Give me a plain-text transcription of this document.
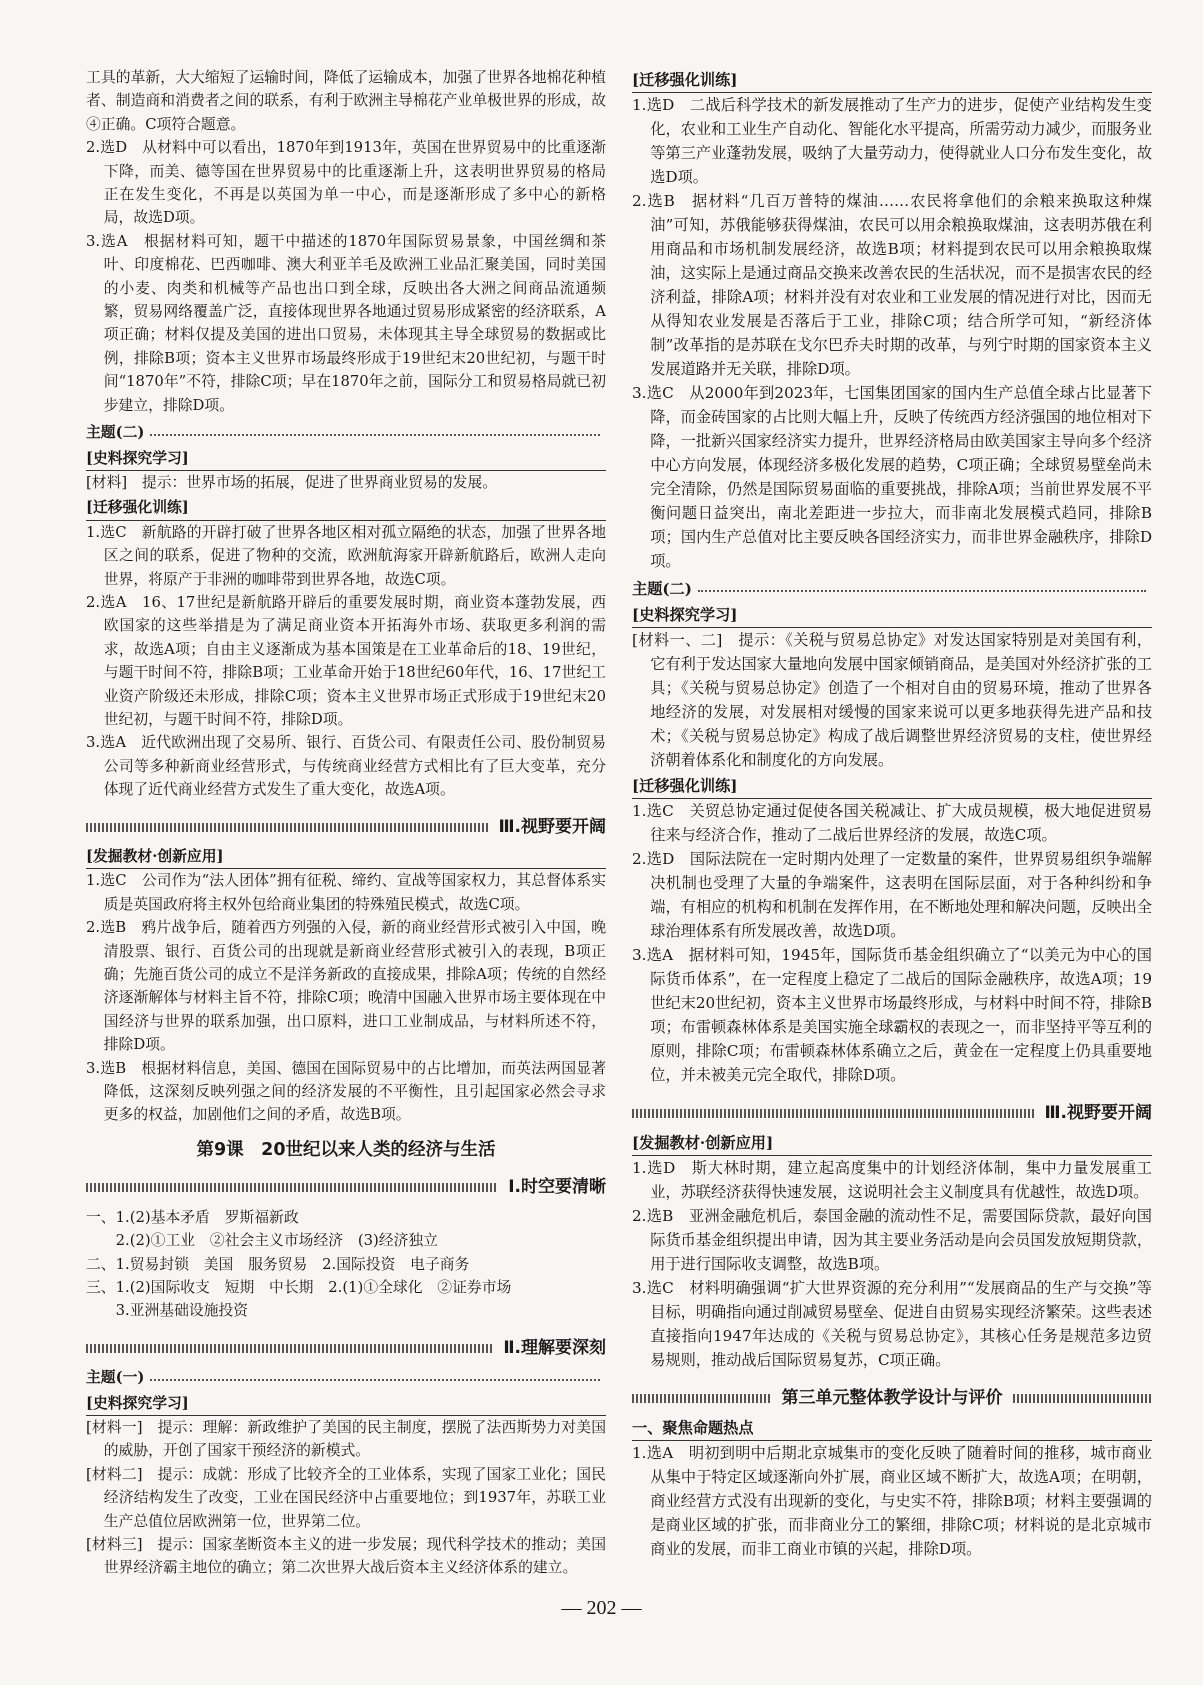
工具的革新，大大缩短了运输时间，降低了运输成本，加强了世界各地棉花种植者、制造商和消费者之间的联系，有利于欧洲主导棉花产业单极世界的形成，故④正确。C项符合题意。

2.选D　从材料中可以看出，1870年到1913年，英国在世界贸易中的比重逐渐下降，而美、德等国在世界贸易中的比重逐渐上升，这表明世界贸易的格局正在发生变化，不再是以英国为单一中心，而是逐渐形成了多中心的新格局，故选D项。

3.选A　根据材料可知，题干中描述的1870年国际贸易景象，中国丝绸和茶叶、印度棉花、巴西咖啡、澳大利亚羊毛及欧洲工业品汇聚美国，同时美国的小麦、肉类和机械等产品也出口到全球，反映出各大洲之间商品流通频繁，贸易网络覆盖广泛，直接体现世界各地通过贸易形成紧密的经济联系，A项正确；材料仅提及美国的进出口贸易，未体现其主导全球贸易的数据或比例，排除B项；资本主义世界市场最终形成于19世纪末20世纪初，与题干时间“1870年”不符，排除C项；早在1870年之前，国际分工和贸易格局就已初步建立，排除D项。

主题(二)
[史料探究学习]

[材料]　提示：世界市场的拓展，促进了世界商业贸易的发展。

[迁移强化训练]

1.选C　新航路的开辟打破了世界各地区相对孤立隔绝的状态，加强了世界各地区之间的联系，促进了物种的交流，欧洲航海家开辟新航路后，欧洲人走向世界，将原产于非洲的咖啡带到世界各地，故选C项。

2.选A　16、17世纪是新航路开辟后的重要发展时期，商业资本蓬勃发展，西欧国家的这些举措是为了满足商业资本开拓海外市场、获取更多利润的需求，故选A项；自由主义逐渐成为基本国策是在工业革命后的18、19世纪，与题干时间不符，排除B项；工业革命开始于18世纪60年代，16、17世纪工业资产阶级还未形成，排除C项；资本主义世界市场正式形成于19世纪末20世纪初，与题干时间不符，排除D项。

3.选A　近代欧洲出现了交易所、银行、百货公司、有限责任公司、股份制贸易公司等多种新商业经营形式，与传统商业经营方式相比有了巨大变革，充分体现了近代商业经营方式发生了重大变化，故选A项。

Ⅲ.视野要开阔
[发掘教材·创新应用]

1.选C　公司作为“法人团体”拥有征税、缔约、宣战等国家权力，其总督体系实质是英国政府将主权外包给商业集团的特殊殖民模式，故选C项。

2.选B　鸦片战争后，随着西方列强的入侵，新的商业经营形式被引入中国，晚清股票、银行、百货公司的出现就是新商业经营形式被引入的表现，B项正确；先施百货公司的成立不是洋务新政的直接成果，排除A项；传统的自然经济逐渐解体与材料主旨不符，排除C项；晚清中国融入世界市场主要体现在中国经济与世界的联系加强，出口原料，进口工业制成品，与材料所述不符，排除D项。

3.选B　根据材料信息，美国、德国在国际贸易中的占比增加，而英法两国显著降低，这深刻反映列强之间的经济发展的不平衡性，且引起国家必然会寻求更多的权益，加剧他们之间的矛盾，故选B项。

第9课　20世纪以来人类的经济与生活
Ⅰ.时空要清晰

一、1.(2)基本矛盾　罗斯福新政

　　2.(2)①工业　②社会主义市场经济　(3)经济独立

二、1.贸易封锁　美国　服务贸易　2.国际投资　电子商务

三、1.(2)国际收支　短期　中长期　2.(1)①全球化　②证券市场

　　3.亚洲基础设施投资

Ⅱ.理解要深刻
主题(一)
[史料探究学习]

[材料一]　提示：理解：新政维护了美国的民主制度，摆脱了法西斯势力对美国的威胁，开创了国家干预经济的新模式。

[材料二]　提示：成就：形成了比较齐全的工业体系，实现了国家工业化；国民经济结构发生了改变，工业在国民经济中占重要地位；到1937年，苏联工业生产总值位居欧洲第一位，世界第二位。

[材料三]　提示：国家垄断资本主义的进一步发展；现代科学技术的推动；美国世界经济霸主地位的确立；第二次世界大战后资本主义经济体系的建立。

[迁移强化训练]

1.选D　二战后科学技术的新发展推动了生产力的进步，促使产业结构发生变化，农业和工业生产自动化、智能化水平提高，所需劳动力减少，而服务业等第三产业蓬勃发展，吸纳了大量劳动力，使得就业人口分布发生变化，故选D项。

2.选B　据材料“几百万普特的煤油……农民将拿他们的余粮来换取这种煤油”可知，苏俄能够获得煤油，农民可以用余粮换取煤油，这表明苏俄在利用商品和市场机制发展经济，故选B项；材料提到农民可以用余粮换取煤油，这实际上是通过商品交换来改善农民的生活状况，而不是损害农民的经济利益，排除A项；材料并没有对农业和工业发展的情况进行对比，因而无从得知农业发展是否落后于工业，排除C项；结合所学可知，“新经济体制”改革指的是苏联在戈尔巴乔夫时期的改革，与列宁时期的国家资本主义发展道路并无关联，排除D项。

3.选C　从2000年到2023年，七国集团国家的国内生产总值全球占比显著下降，而金砖国家的占比则大幅上升，反映了传统西方经济强国的地位相对下降，一批新兴国家经济实力提升，世界经济格局由欧美国家主导向多个经济中心方向发展，体现经济多极化发展的趋势，C项正确；全球贸易壁垒尚未完全清除，仍然是国际贸易面临的重要挑战，排除A项；当前世界发展不平衡问题日益突出，南北差距进一步拉大，而非南北发展模式趋同，排除B项；国内生产总值对比主要反映各国经济实力，而非世界金融秩序，排除D项。

主题(二)
[史料探究学习]

[材料一、二]　提示：《关税与贸易总协定》对发达国家特别是对美国有利，它有利于发达国家大量地向发展中国家倾销商品，是美国对外经济扩张的工具；《关税与贸易总协定》创造了一个相对自由的贸易环境，推动了世界各地经济的发展，对发展相对缓慢的国家来说可以更多地获得先进产品和技术；《关税与贸易总协定》构成了战后调整世界经济贸易的支柱，使世界经济朝着体系化和制度化的方向发展。

[迁移强化训练]

1.选C　关贸总协定通过促使各国关税减让、扩大成员规模，极大地促进贸易往来与经济合作，推动了二战后世界经济的发展，故选C项。

2.选D　国际法院在一定时期内处理了一定数量的案件，世界贸易组织争端解决机制也受理了大量的争端案件，这表明在国际层面，对于各种纠纷和争端，有相应的机构和机制在发挥作用，在不断地处理和解决问题，反映出全球治理体系有所发展改善，故选D项。

3.选A　据材料可知，1945年，国际货币基金组织确立了“以美元为中心的国际货币体系”，在一定程度上稳定了二战后的国际金融秩序，故选A项；19世纪末20世纪初，资本主义世界市场最终形成，与材料中时间不符，排除B项；布雷顿森林体系是美国实施全球霸权的表现之一，而非坚持平等互利的原则，排除C项；布雷顿森林体系确立之后，黄金在一定程度上仍具重要地位，并未被美元完全取代，排除D项。

Ⅲ.视野要开阔
[发掘教材·创新应用]

1.选D　斯大林时期，建立起高度集中的计划经济体制，集中力量发展重工业，苏联经济获得快速发展，这说明社会主义制度具有优越性，故选D项。

2.选B　亚洲金融危机后，泰国金融的流动性不足，需要国际贷款，最好向国际货币基金组织提出申请，因为其主要业务活动是向会员国发放短期贷款，用于进行国际收支调整，故选B项。

3.选C　材料明确强调“扩大世界资源的充分利用”“发展商品的生产与交换”等目标，明确指向通过削减贸易壁垒、促进自由贸易实现经济繁荣。这些表述直接指向1947年达成的《关税与贸易总协定》，其核心任务是规范多边贸易规则，推动战后国际贸易复苏，C项正确。

第三单元整体教学设计与评价
一、聚焦命题热点

1.选A　明初到明中后期北京城集市的变化反映了随着时间的推移，城市商业从集中于特定区域逐渐向外扩展，商业区域不断扩大，故选A项；在明朝，商业经营方式没有出现新的变化，与史实不符，排除B项；材料主要强调的是商业区域的扩张，而非商业分工的繁细，排除C项；材料说的是北京城市商业的发展，而非工商业市镇的兴起，排除D项。

— 202 —
